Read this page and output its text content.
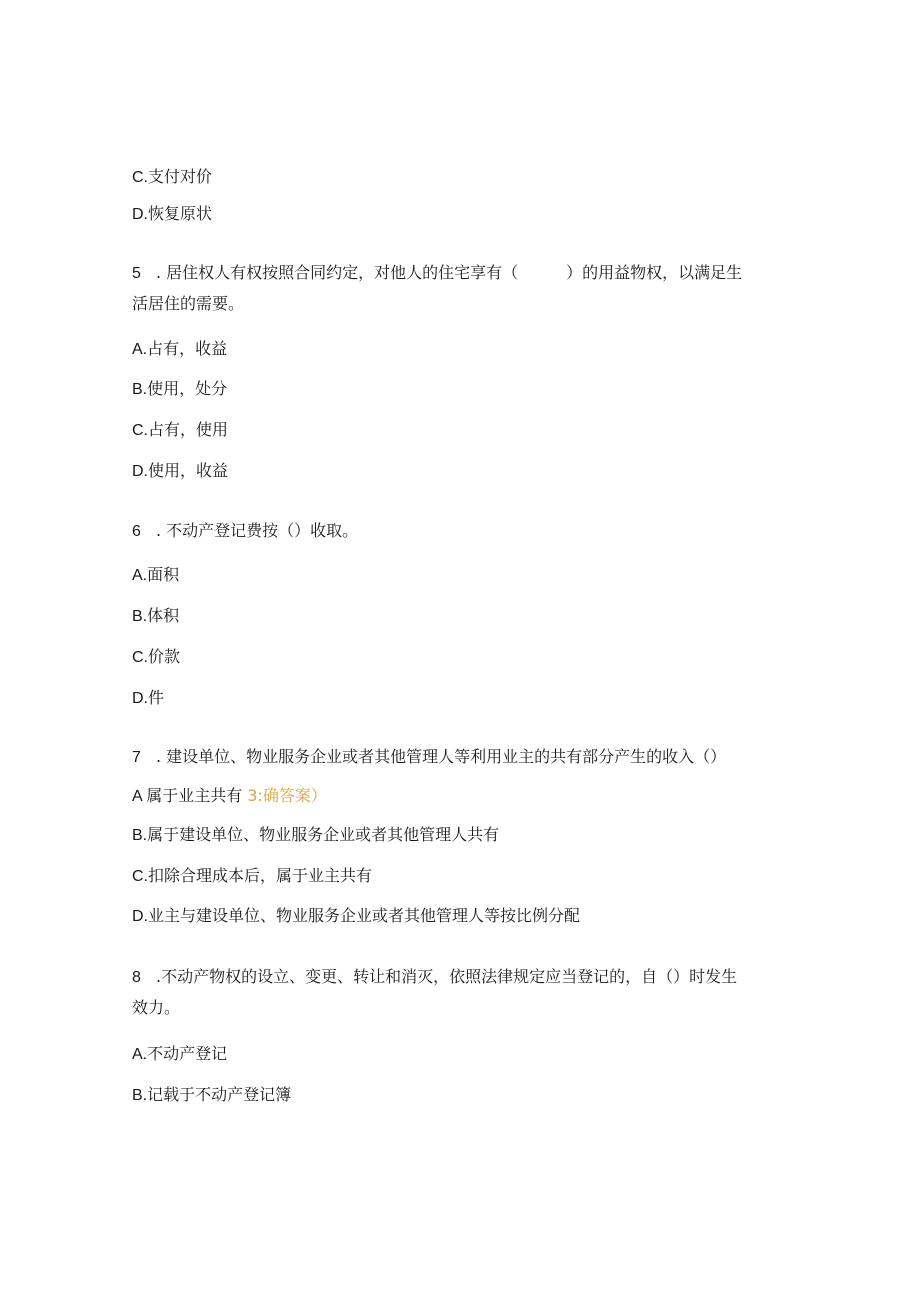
C.支付对价
D.恢复原状
5 . 居住权人有权按照合同约定，对他人的住宅享有（　　　）的用益物权，以满足生
活居住的需要。
A.占有，收益
B.使用，处分
C.占有，使用
D.使用，收益
6 . 不动产登记费按（）收取。
A.面积
B.体积
C.价款
D.件
7 . 建设单位、物业服务企业或者其他管理人等利用业主的共有部分产生的收入（）
A 属于业主共有 3:确答案）
B.属于建设单位、物业服务企业或者其他管理人共有
C.扣除合理成本后，属于业主共有
D.业主与建设单位、物业服务企业或者其他管理人等按比例分配
8 .不动产物权的设立、变更、转让和消灭，依照法律规定应当登记的，自（）时发生
效力。
A.不动产登记
B.记载于不动产登记簿
